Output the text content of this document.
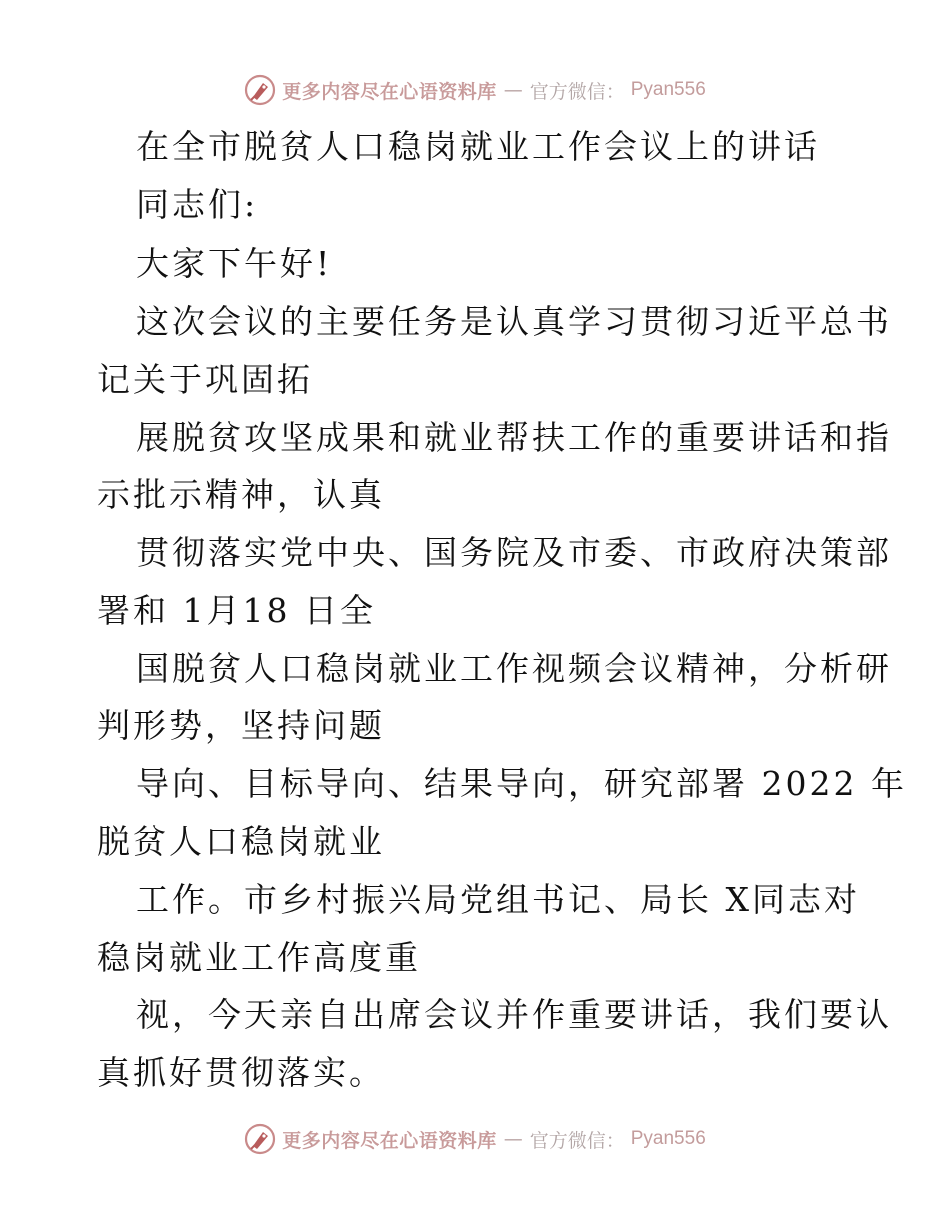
更多内容尽在心语资料库 — 官方微信： Pyan556
在全市脱贫人口稳岗就业工作会议上的讲话
同志们:
大家下午好!
这次会议的主要任务是认真学习贯彻习近平总书
记关于巩固拓
展脱贫攻坚成果和就业帮扶工作的重要讲话和指
示批示精神，认真
贯彻落实党中央、国务院及市委、市政府决策部
署和 1月18 日全
国脱贫人口稳岗就业工作视频会议精神，分析研
判形势，坚持问题
导向、目标导向、结果导向，研究部署 2022 年
脱贫人口稳岗就业
工作。市乡村振兴局党组书记、局长 X同志对
稳岗就业工作高度重
视，今天亲自出席会议并作重要讲话，我们要认
真抓好贯彻落实。
更多内容尽在心语资料库 — 官方微信： Pyan556
